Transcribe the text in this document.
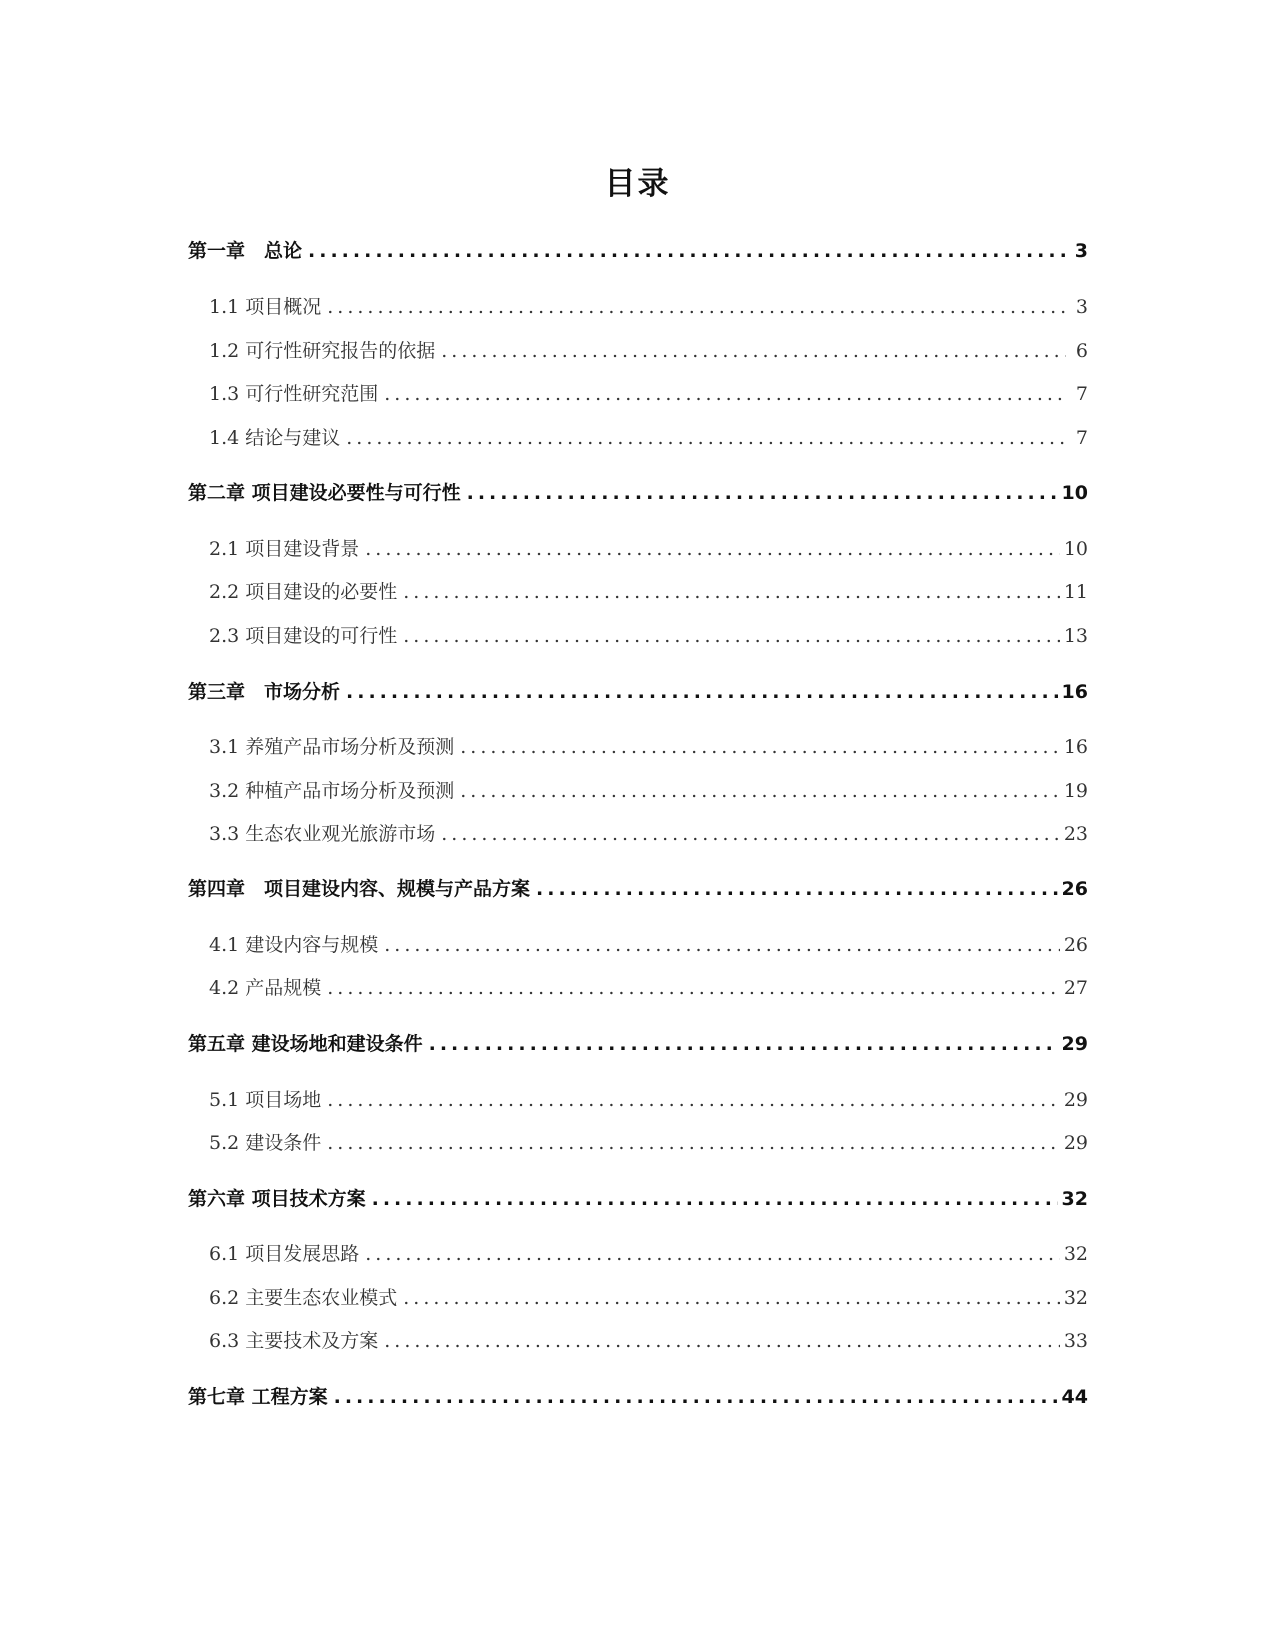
目录
第一章　总论 .....	3
1.1 项目概况 .....	3
1.2 可行性研究报告的依据 .....	6
1.3 可行性研究范围 .....	7
1.4 结论与建议 .....	7
第二章 项目建设必要性与可行性 .....	10
2.1 项目建设背景 .....	10
2.2 项目建设的必要性 .....	11
2.3 项目建设的可行性 .....	13
第三章　市场分析 .....	16
3.1 养殖产品市场分析及预测 .....	16
3.2 种植产品市场分析及预测 .....	19
3.3 生态农业观光旅游市场 .....	23
第四章　项目建设内容、规模与产品方案 .....	26
4.1 建设内容与规模 .....	26
4.2 产品规模 .....	27
第五章 建设场地和建设条件 .....	29
5.1 项目场地 .....	29
5.2 建设条件 .....	29
第六章 项目技术方案 .....	32
6.1 项目发展思路 .....	32
6.2 主要生态农业模式 .....	32
6.3 主要技术及方案 .....	33
第七章 工程方案 .....	44
